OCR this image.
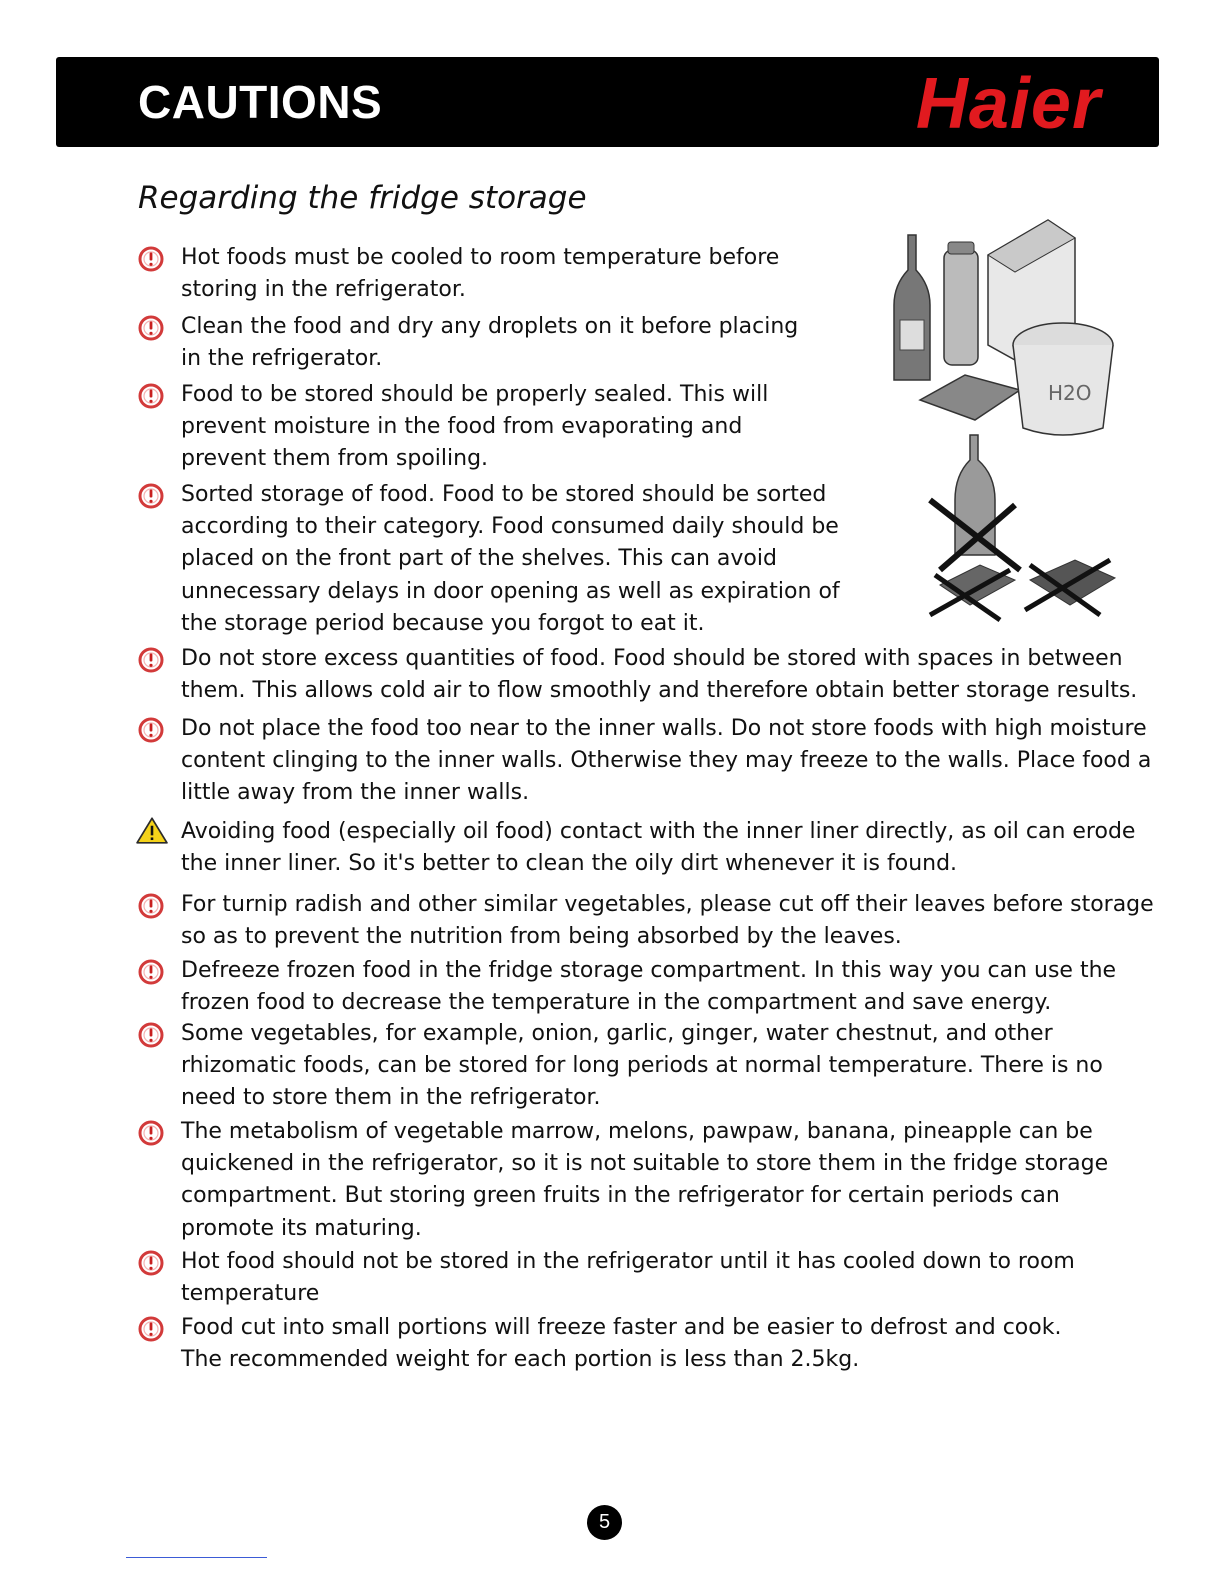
CAUTIONS	Haier
Regarding the fridge storage
Hot foods must be cooled to room temperature before
storing in the refrigerator.
Clean the food and dry any droplets on it before placing
in the refrigerator.
Food to be stored should be properly sealed. This will
prevent moisture in the food from evaporating and
prevent them from spoiling.
Sorted storage of food. Food to be stored should be sorted
according to their category. Food consumed daily should be
placed on the front part of the shelves. This can avoid
unnecessary delays in door opening as well as expiration of
the storage period because you forgot to eat it.
Do not store excess quantities of food. Food should be stored with spaces in between
them. This allows cold air to flow smoothly and therefore obtain better storage results.
Do not place the food too near to the inner walls. Do not store foods with high moisture
content clinging to the inner walls. Otherwise they may freeze to the walls. Place food a
little away from the inner walls.
Avoiding food (especially oil food) contact with the inner liner directly, as oil can erode
the inner liner. So it's better to clean the oily dirt whenever it is found.
For turnip radish and other similar vegetables, please cut off their leaves before storage
so as to prevent the nutrition from being absorbed by the leaves.
Defreeze frozen food in the fridge storage compartment. In this way you can use the
frozen food to decrease the temperature in the compartment and save energy.
Some vegetables, for example, onion, garlic, ginger, water chestnut, and other
rhizomatic foods, can be stored for long periods at normal temperature. There is no
need to store them in the refrigerator.
The metabolism of vegetable marrow, melons, pawpaw, banana, pineapple can be
quickened in the refrigerator, so it is not suitable to store them in the fridge storage
compartment. But storing green fruits in the refrigerator for certain periods can
promote its maturing.
Hot food should not be stored in the refrigerator until it has cooled down to room
temperature
Food cut into small portions will freeze faster and be easier to defrost and cook.
The recommended weight for each portion is less than 2.5kg.
H2O
5
